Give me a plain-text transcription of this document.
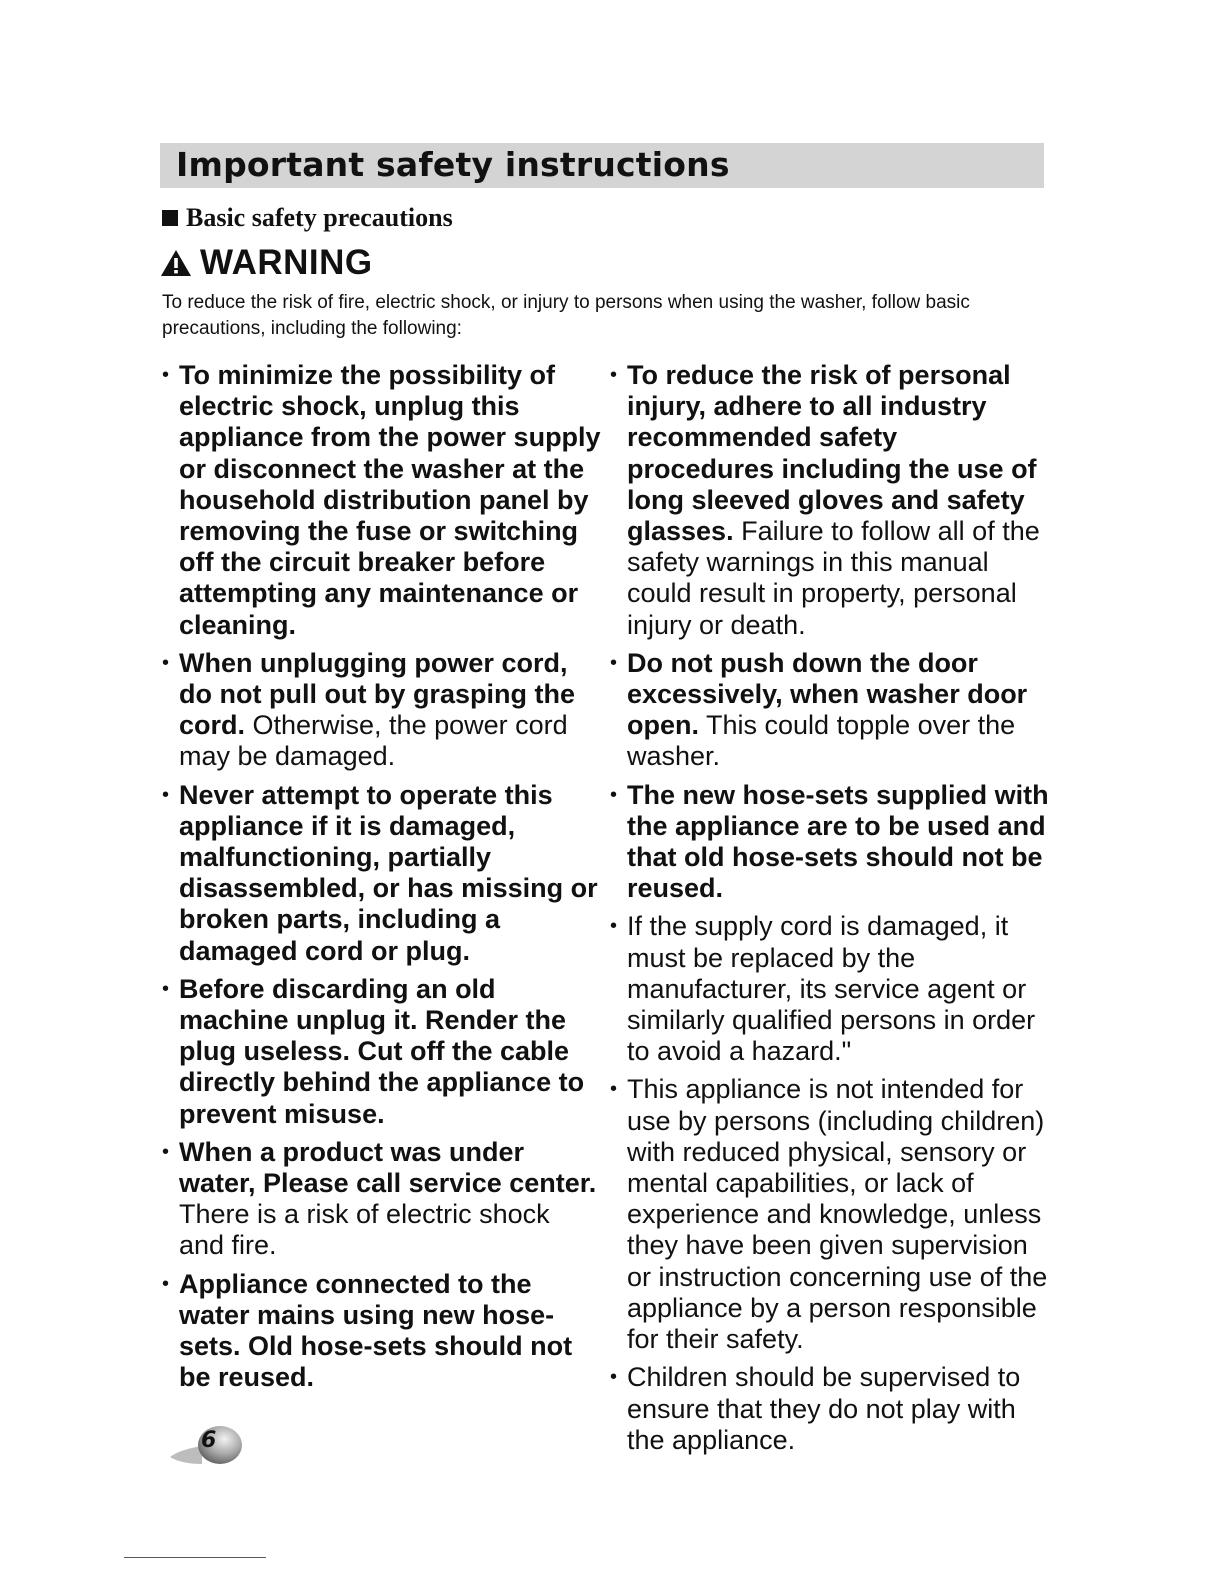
Important safety instructions
Basic safety precautions
WARNING

To reduce the risk of fire, electric shock, or injury to persons when using the washer, follow basic precautions, including the following:

• To minimize the possibility of electric shock, unplug this appliance from the power supply or disconnect the washer at the household distribution panel by removing the fuse or switching off the circuit breaker before attempting any maintenance or cleaning.
• When unplugging power cord, do not pull out by grasping the cord. Otherwise, the power cord may be damaged.
• Never attempt to operate this appliance if it is damaged, malfunctioning, partially disassembled, or has missing or broken parts, including a damaged cord or plug.
• Before discarding an old machine unplug it. Render the plug useless. Cut off the cable directly behind the appliance to prevent misuse.
• When a product was under water, Please call service center. There is a risk of electric shock and fire.
• Appliance connected to the water mains using new hose-sets. Old hose-sets should not be reused.
• To reduce the risk of personal injury, adhere to all industry recommended safety procedures including the use of long sleeved gloves and safety glasses. Failure to follow all of the safety warnings in this manual could result in property, personal injury or death.
• Do not push down the door excessively, when washer door open. This could topple over the washer.
• The new hose-sets supplied with the appliance are to be used and that old hose-sets should not be reused.
• If the supply cord is damaged, it must be replaced by the manufacturer, its service agent or similarly qualified persons in order to avoid a hazard."
• This appliance is not intended for use by persons (including children) with reduced physical, sensory or mental capabilities, or lack of experience and knowledge, unless they have been given supervision or instruction concerning use of the appliance by a person responsible for their safety.
• Children should be supervised to ensure that they do not play with the appliance.
6
